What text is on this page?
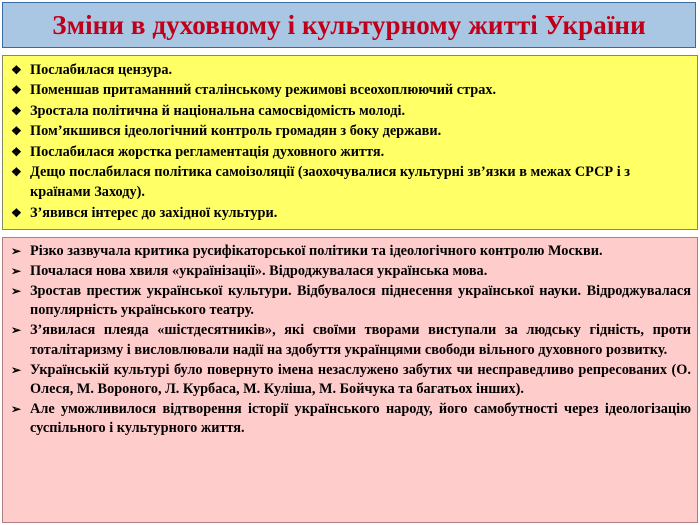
Зміни в духовному і культурному житті України
❖ Послабилася цензура.
❖ Поменшав притаманний сталінському режимові всеохоплюючий страх.
❖ Зростала політична й національна самосвідомість молоді.
❖ Пом’якшився ідеологічний контроль громадян з боку держави.
❖ Послабилася жорстка регламентація духовного життя.
❖ Дещо послабилася політика самоізоляції (заохочувалися культурні зв’язки в межах СРСР і з країнами Заходу).
❖ З’явився інтерес до західної культури.
➢ Різко зазвучала критика русифікаторської політики та ідеологічного контролю Москви.
➢ Почалася нова хвиля «українізації». Відроджувалася українська мова.
➢ Зростав престиж української культури. Відбувалося піднесення української науки. Відроджувалася популярність українського театру.
➢ З’явилася плеяда «шістдесятників», які своїми творами виступали за людську гідність, проти тоталітаризму і висловлювали надії на здобуття українцями свободи вільного духовного розвитку.
➢ Українській культурі було повернуто імена незаслужено забутих чи несправедливо репресованих (О. Олеся, М. Вороного, Л. Курбаса, М. Куліша, М. Бойчука та багатьох інших).
➢ Але уможливилося відтворення історії українського народу, його самобутності через ідеологізацію суспільного і культурного життя.
